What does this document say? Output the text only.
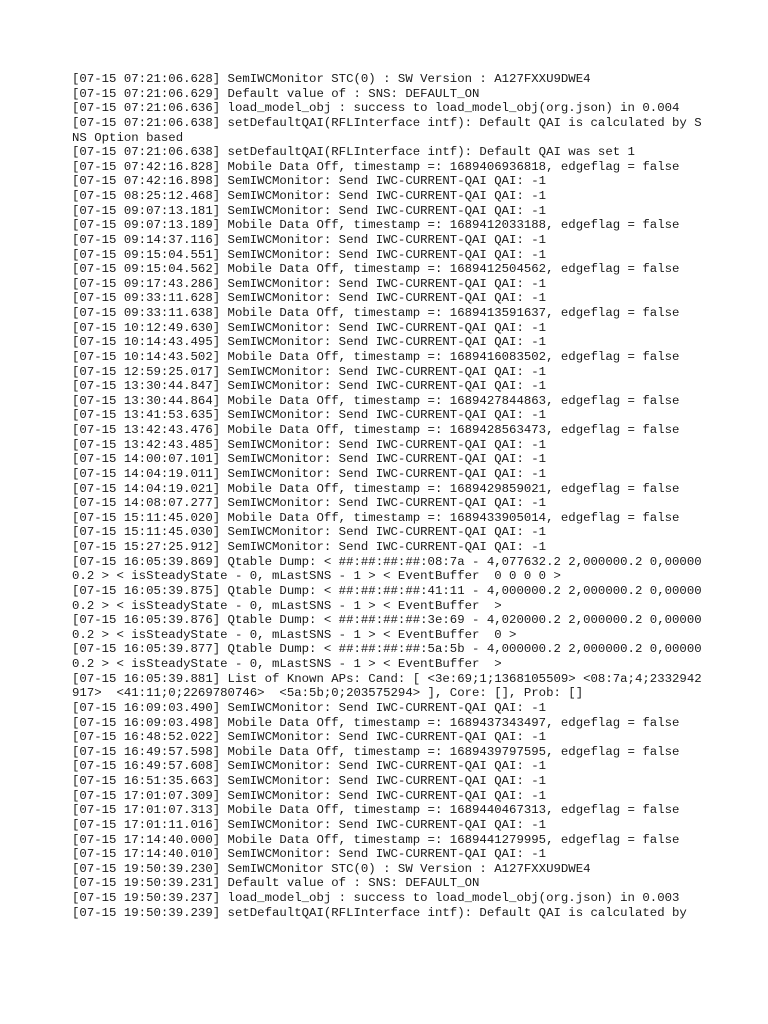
[07-15 07:21:06.628] SemIWCMonitor STC(0) : SW Version : A127FXXU9DWE4
[07-15 07:21:06.629] Default value of : SNS: DEFAULT_ON
[07-15 07:21:06.636] load_model_obj : success to load_model_obj(org.json) in 0.004
[07-15 07:21:06.638] setDefaultQAI(RFLInterface intf): Default QAI is calculated by SNS Option based
[07-15 07:21:06.638] setDefaultQAI(RFLInterface intf): Default QAI was set 1
[07-15 07:42:16.828] Mobile Data Off, timestamp =: 1689406936818, edgeflag = false
[07-15 07:42:16.898] SemIWCMonitor: Send IWC-CURRENT-QAI QAI: -1
[07-15 08:25:12.468] SemIWCMonitor: Send IWC-CURRENT-QAI QAI: -1
[07-15 09:07:13.181] SemIWCMonitor: Send IWC-CURRENT-QAI QAI: -1
[07-15 09:07:13.189] Mobile Data Off, timestamp =: 1689412033188, edgeflag = false
[07-15 09:14:37.116] SemIWCMonitor: Send IWC-CURRENT-QAI QAI: -1
[07-15 09:15:04.551] SemIWCMonitor: Send IWC-CURRENT-QAI QAI: -1
[07-15 09:15:04.562] Mobile Data Off, timestamp =: 1689412504562, edgeflag = false
[07-15 09:17:43.286] SemIWCMonitor: Send IWC-CURRENT-QAI QAI: -1
[07-15 09:33:11.628] SemIWCMonitor: Send IWC-CURRENT-QAI QAI: -1
[07-15 09:33:11.638] Mobile Data Off, timestamp =: 1689413591637, edgeflag = false
[07-15 10:12:49.630] SemIWCMonitor: Send IWC-CURRENT-QAI QAI: -1
[07-15 10:14:43.495] SemIWCMonitor: Send IWC-CURRENT-QAI QAI: -1
[07-15 10:14:43.502] Mobile Data Off, timestamp =: 1689416083502, edgeflag = false
[07-15 12:59:25.017] SemIWCMonitor: Send IWC-CURRENT-QAI QAI: -1
[07-15 13:30:44.847] SemIWCMonitor: Send IWC-CURRENT-QAI QAI: -1
[07-15 13:30:44.864] Mobile Data Off, timestamp =: 1689427844863, edgeflag = false
[07-15 13:41:53.635] SemIWCMonitor: Send IWC-CURRENT-QAI QAI: -1
[07-15 13:42:43.476] Mobile Data Off, timestamp =: 1689428563473, edgeflag = false
[07-15 13:42:43.485] SemIWCMonitor: Send IWC-CURRENT-QAI QAI: -1
[07-15 14:00:07.101] SemIWCMonitor: Send IWC-CURRENT-QAI QAI: -1
[07-15 14:04:19.011] SemIWCMonitor: Send IWC-CURRENT-QAI QAI: -1
[07-15 14:04:19.021] Mobile Data Off, timestamp =: 1689429859021, edgeflag = false
[07-15 14:08:07.277] SemIWCMonitor: Send IWC-CURRENT-QAI QAI: -1
[07-15 15:11:45.020] Mobile Data Off, timestamp =: 1689433905014, edgeflag = false
[07-15 15:11:45.030] SemIWCMonitor: Send IWC-CURRENT-QAI QAI: -1
[07-15 15:27:25.912] SemIWCMonitor: Send IWC-CURRENT-QAI QAI: -1
[07-15 16:05:39.869] Qtable Dump: < ##:##:##:##:08:7a - 4,077632.2 2,000000.2 0,000000.2 > < isSteadyState - 0, mLastSNS - 1 > < EventBuffer  0 0 0 0 >
[07-15 16:05:39.875] Qtable Dump: < ##:##:##:##:41:11 - 4,000000.2 2,000000.2 0,000000.2 > < isSteadyState - 0, mLastSNS - 1 > < EventBuffer  >
[07-15 16:05:39.876] Qtable Dump: < ##:##:##:##:3e:69 - 4,020000.2 2,000000.2 0,000000.2 > < isSteadyState - 0, mLastSNS - 1 > < EventBuffer  0 >
[07-15 16:05:39.877] Qtable Dump: < ##:##:##:##:5a:5b - 4,000000.2 2,000000.2 0,000000.2 > < isSteadyState - 0, mLastSNS - 1 > < EventBuffer  >
[07-15 16:05:39.881] List of Known APs: Cand: [ <3e:69;1;1368105509> <08:7a;4;2332942917>  <41:11;0;2269780746>  <5a:5b;0;203575294> ], Core: [], Prob: []
[07-15 16:09:03.490] SemIWCMonitor: Send IWC-CURRENT-QAI QAI: -1
[07-15 16:09:03.498] Mobile Data Off, timestamp =: 1689437343497, edgeflag = false
[07-15 16:48:52.022] SemIWCMonitor: Send IWC-CURRENT-QAI QAI: -1
[07-15 16:49:57.598] Mobile Data Off, timestamp =: 1689439797595, edgeflag = false
[07-15 16:49:57.608] SemIWCMonitor: Send IWC-CURRENT-QAI QAI: -1
[07-15 16:51:35.663] SemIWCMonitor: Send IWC-CURRENT-QAI QAI: -1
[07-15 17:01:07.309] SemIWCMonitor: Send IWC-CURRENT-QAI QAI: -1
[07-15 17:01:07.313] Mobile Data Off, timestamp =: 1689440467313, edgeflag = false
[07-15 17:01:11.016] SemIWCMonitor: Send IWC-CURRENT-QAI QAI: -1
[07-15 17:14:40.000] Mobile Data Off, timestamp =: 1689441279995, edgeflag = false
[07-15 17:14:40.010] SemIWCMonitor: Send IWC-CURRENT-QAI QAI: -1
[07-15 19:50:39.230] SemIWCMonitor STC(0) : SW Version : A127FXXU9DWE4
[07-15 19:50:39.231] Default value of : SNS: DEFAULT_ON
[07-15 19:50:39.237] load_model_obj : success to load_model_obj(org.json) in 0.003
[07-15 19:50:39.239] setDefaultQAI(RFLInterface intf): Default QAI is calculated by
